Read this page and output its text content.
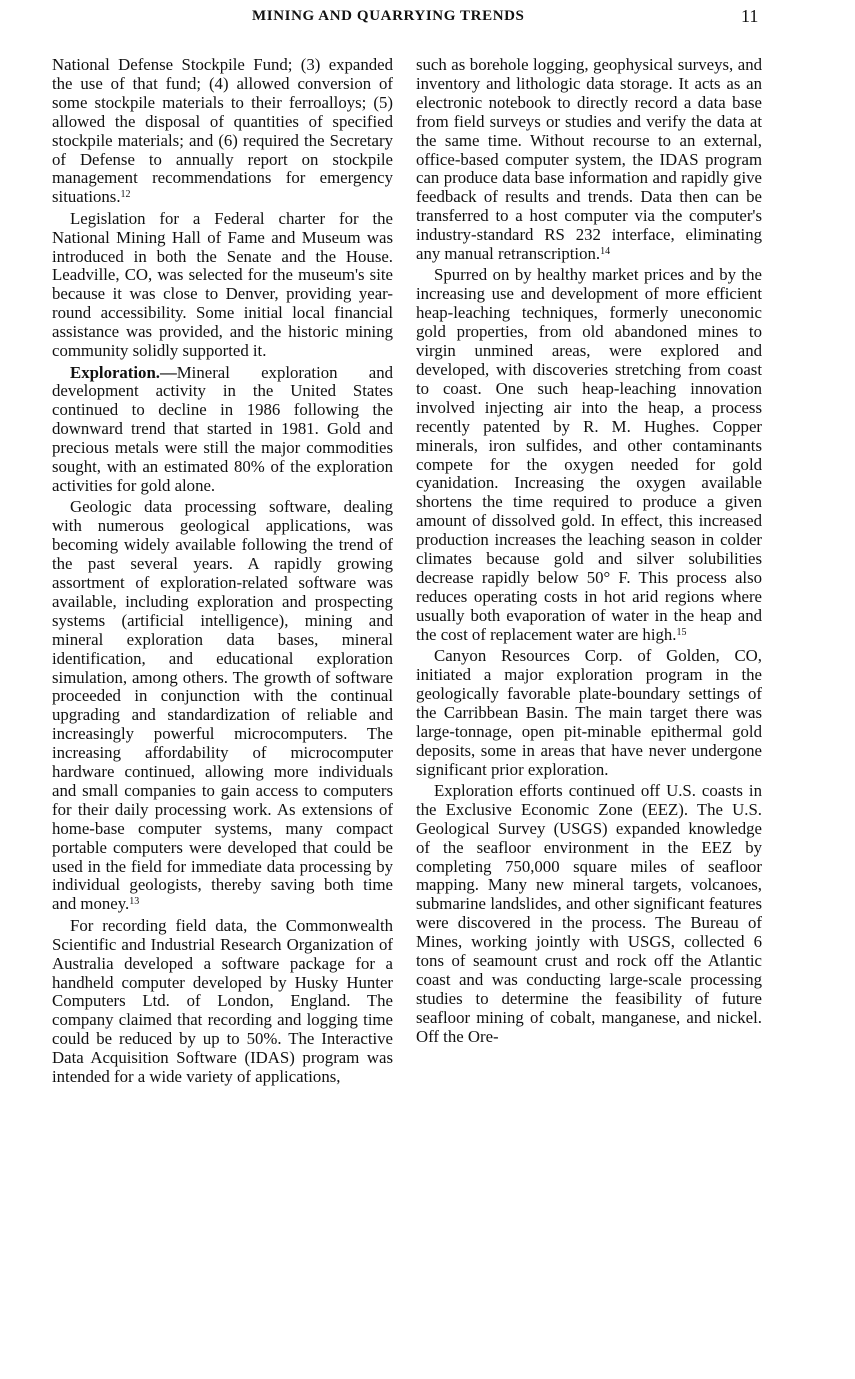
MINING AND QUARRYING TRENDS	11

National Defense Stockpile Fund; (3) expanded the use of that fund; (4) allowed conversion of some stockpile materials to their ferroalloys; (5) allowed the disposal of quantities of specified stockpile materials; and (6) required the Secretary of Defense to annually report on stockpile management recommendations for emergency situations.$^{12}$

Legislation for a Federal charter for the National Mining Hall of Fame and Museum was introduced in both the Senate and the House. Leadville, CO, was selected for the museum's site because it was close to Denver, providing year-round accessibility. Some initial local financial assistance was provided, and the historic mining community solidly supported it.

Exploration.—Mineral exploration and development activity in the United States continued to decline in 1986 following the downward trend that started in 1981. Gold and precious metals were still the major commodities sought, with an estimated 80% of the exploration activities for gold alone.

Geologic data processing software, dealing with numerous geological applications, was becoming widely available following the trend of the past several years. A rapidly growing assortment of exploration-related software was available, including exploration and prospecting systems (artificial intelligence), mining and mineral exploration data bases, mineral identification, and educational exploration simulation, among others. The growth of software proceeded in conjunction with the continual upgrading and standardization of reliable and increasingly powerful microcomputers. The increasing affordability of microcomputer hardware continued, allowing more individuals and small companies to gain access to computers for their daily processing work. As extensions of home-base computer systems, many compact portable computers were developed that could be used in the field for immediate data processing by individual geologists, thereby saving both time and money.$^{13}$

For recording field data, the Commonwealth Scientific and Industrial Research Organization of Australia developed a software package for a handheld computer developed by Husky Hunter Computers Ltd. of London, England. The company claimed that recording and logging time could be reduced by up to 50%. The Interactive Data Acquisition Software (IDAS) program was intended for a wide variety of applications,

such as borehole logging, geophysical surveys, and inventory and lithologic data storage. It acts as an electronic notebook to directly record a data base from field surveys or studies and verify the data at the same time. Without recourse to an external, office-based computer system, the IDAS program can produce data base information and rapidly give feedback of results and trends. Data then can be transferred to a host computer via the computer's industry-standard RS 232 interface, eliminating any manual retranscription.$^{14}$

Spurred on by healthy market prices and by the increasing use and development of more efficient heap-leaching techniques, formerly uneconomic gold properties, from old abandoned mines to virgin unmined areas, were explored and developed, with discoveries stretching from coast to coast. One such heap-leaching innovation involved injecting air into the heap, a process recently patented by R. M. Hughes. Copper minerals, iron sulfides, and other contaminants compete for the oxygen needed for gold cyanidation. Increasing the oxygen available shortens the time required to produce a given amount of dissolved gold. In effect, this increased production increases the leaching season in colder climates because gold and silver solubilities decrease rapidly below 50° F. This process also reduces operating costs in hot arid regions where usually both evaporation of water in the heap and the cost of replacement water are high.$^{15}$

Canyon Resources Corp. of Golden, CO, initiated a major exploration program in the geologically favorable plate-boundary settings of the Carribbean Basin. The main target there was large-tonnage, open pit-minable epithermal gold deposits, some in areas that have never undergone significant prior exploration.

Exploration efforts continued off U.S. coasts in the Exclusive Economic Zone (EEZ). The U.S. Geological Survey (USGS) expanded knowledge of the seafloor environment in the EEZ by completing 750,000 square miles of seafloor mapping. Many new mineral targets, volcanoes, submarine landslides, and other significant features were discovered in the process. The Bureau of Mines, working jointly with USGS, collected 6 tons of seamount crust and rock off the Atlantic coast and was conducting large-scale processing studies to determine the feasibility of future seafloor mining of cobalt, manganese, and nickel. Off the Ore-
